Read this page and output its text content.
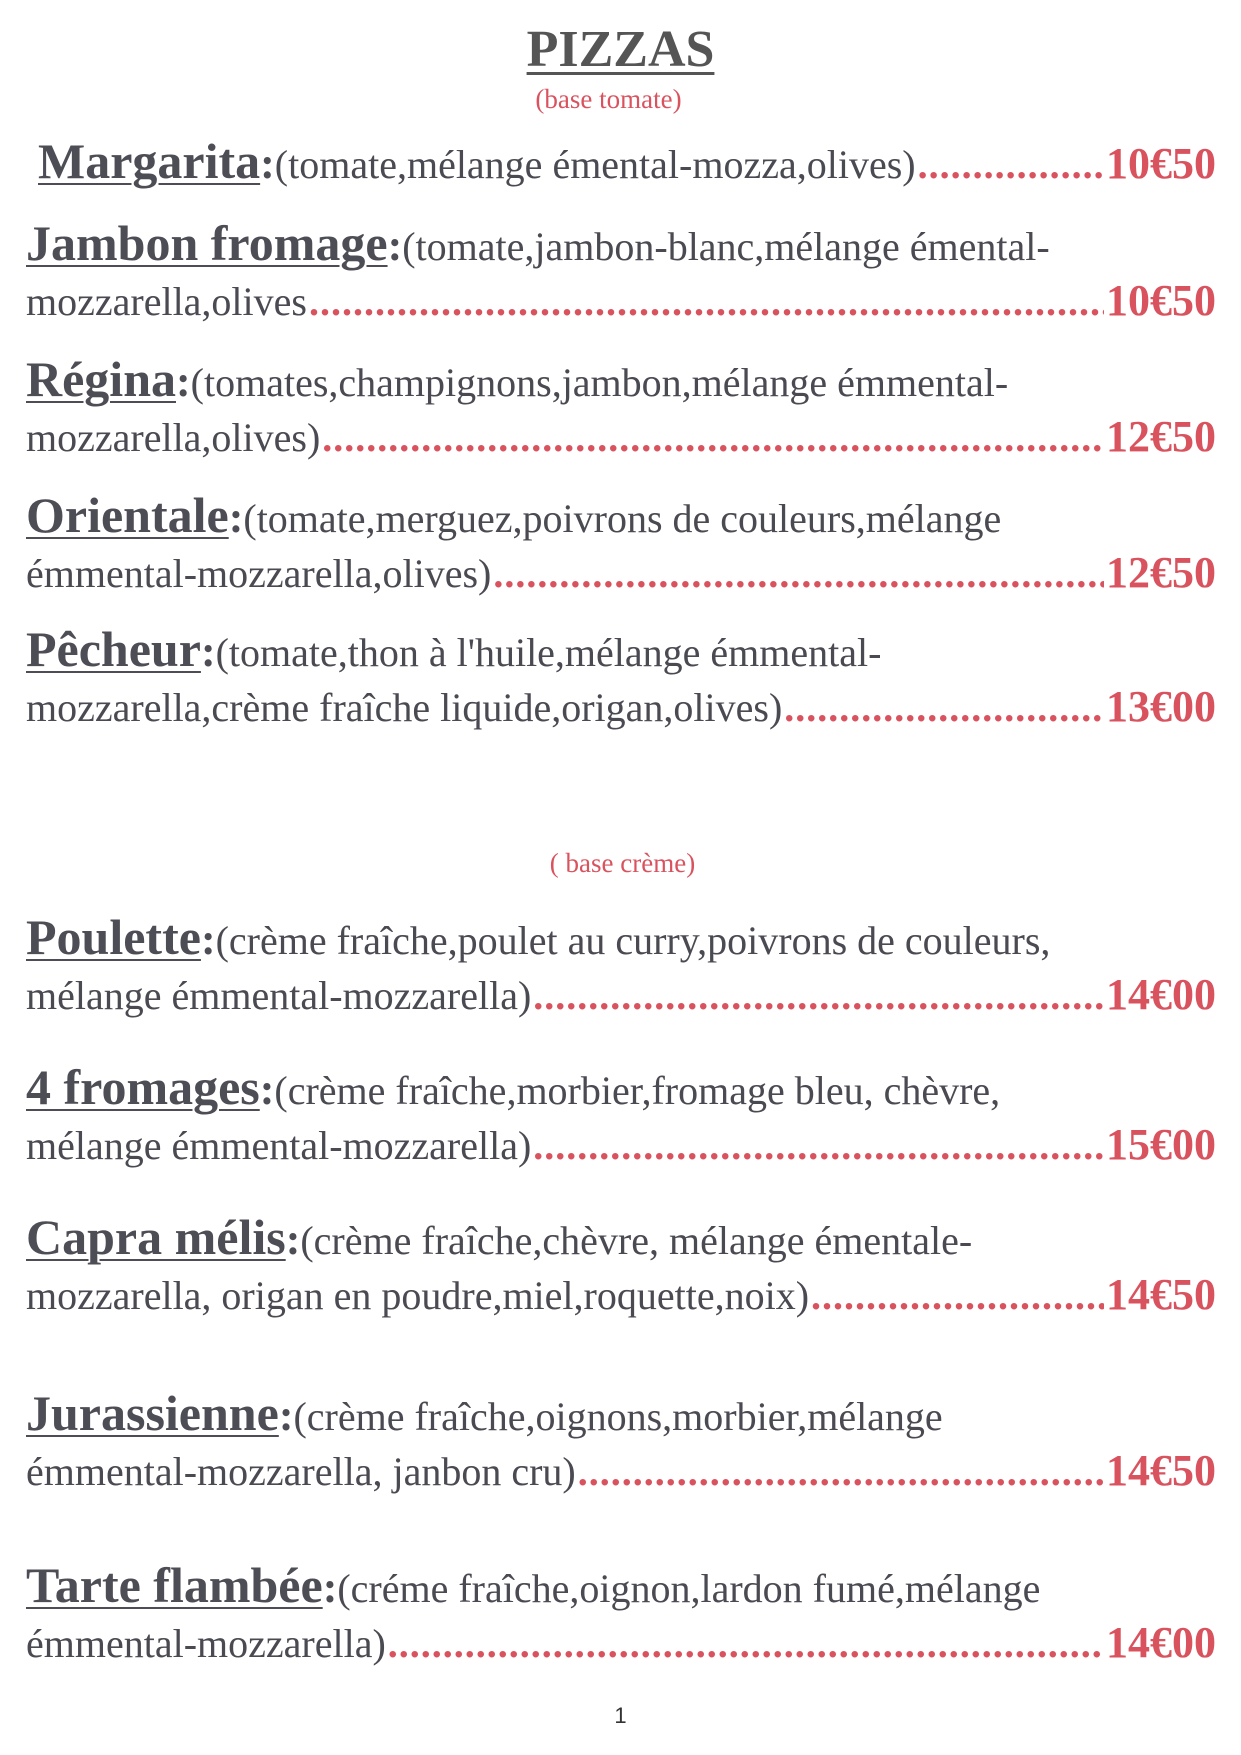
PIZZAS
(base tomate)
Margarita : (tomate,mélange émental-mozza,olives) .....	10€50
Jambon fromage : (tomate,jambon-blanc,mélange émental-
mozzarella,olives .....	10€50
Régina : (tomates,champignons,jambon,mélange émmental-
mozzarella,olives) .....	12€50
Orientale : (tomate,merguez,poivrons de couleurs,mélange
émmental-mozzarella,olives) .....	12€50
Pêcheur : (tomate,thon à l'huile,mélange émmental-
mozzarella,crème fraîche liquide,origan,olives) .....	13€00
( base crème)
Poulette : (crème fraîche,poulet au curry,poivrons de couleurs,
mélange émmental-mozzarella) .....	14€00
4 fromages : (crème fraîche,morbier,fromage bleu, chèvre,
mélange émmental-mozzarella) .....	15€00
Capra mélis : (crème fraîche,chèvre, mélange émentale-
mozzarella, origan en poudre,miel,roquette,noix) .....	14€50
Jurassienne : (crème fraîche,oignons,morbier,mélange
émmental-mozzarella, janbon cru) .....	14€50
Tarte flambée : (créme fraîche,oignon,lardon fumé,mélange
émmental-mozzarella) .....	14€00
1
